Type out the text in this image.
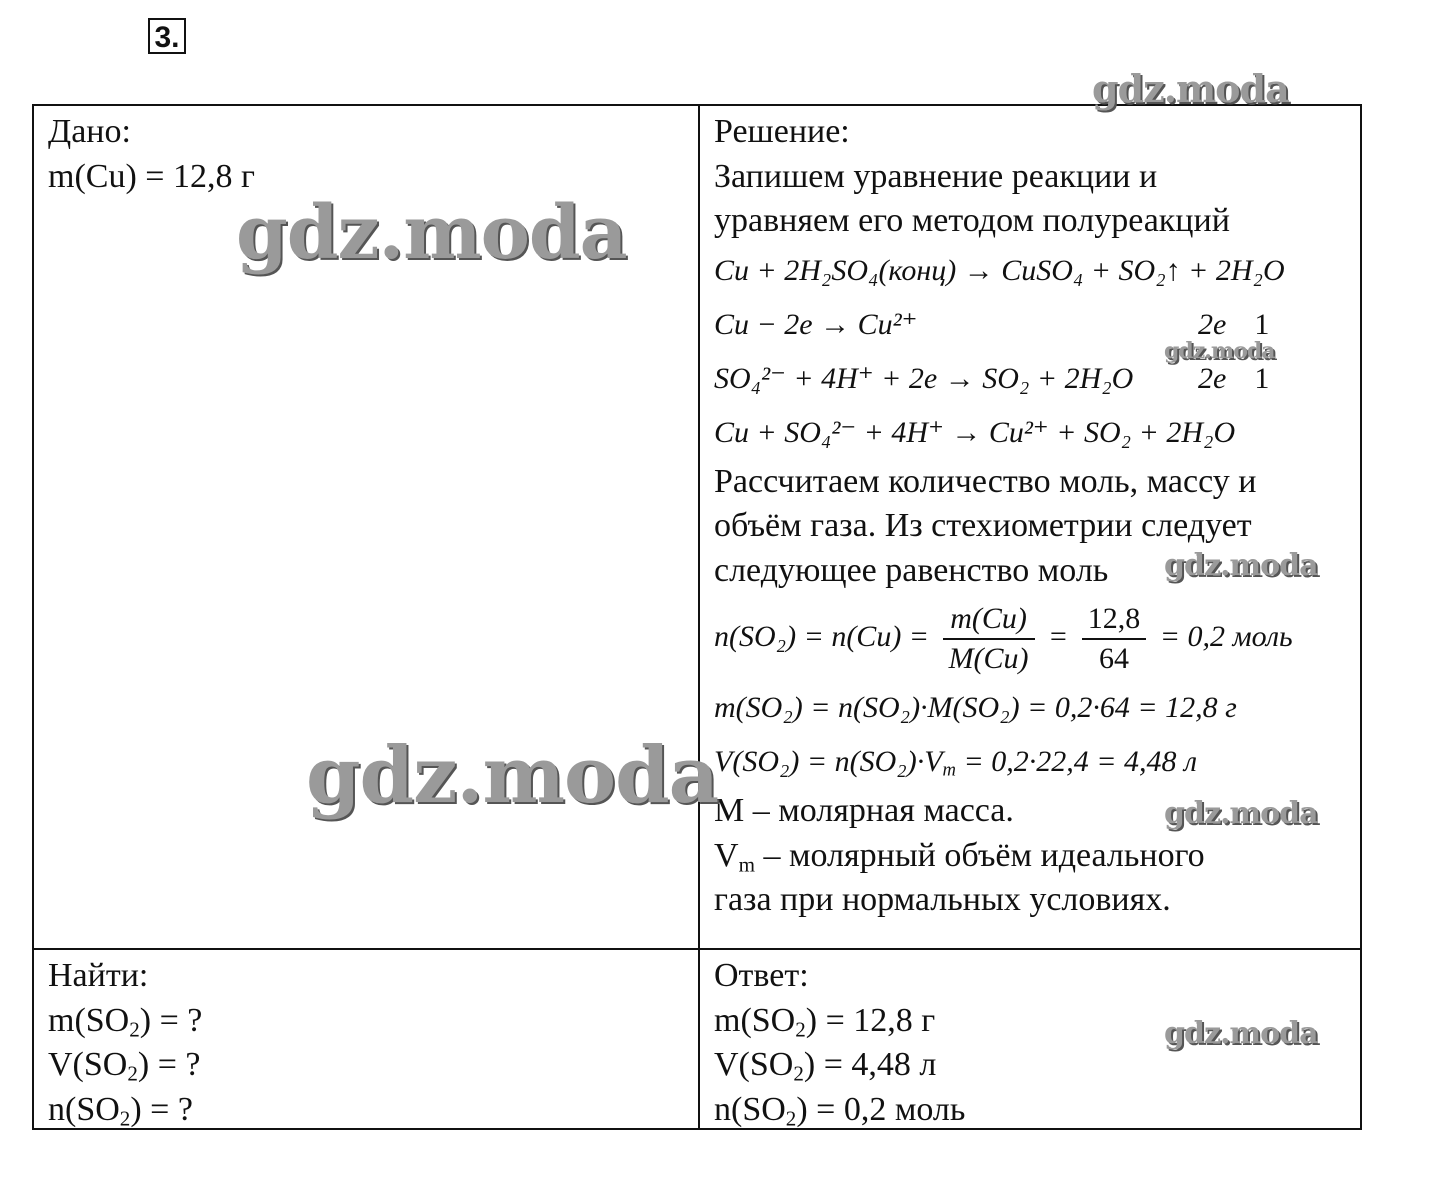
3.
Дано:
m(Cu) = 12,8 г
Найти:
$m(SO_2)$ = ?
$V(SO_2)$ = ?
$n(SO_2)$ = ?
Решение:
Запишем уравнение реакции и
уравняем его методом полуреакций
Cu + 2H₂SO₄(конц) → CuSO₄ + SO₂↑ + 2H₂O
Cu − 2e → Cu²⁺	2e 1
SO₄²⁻ + 4H⁺ + 2e → SO₂ + 2H₂O 2e 1
Cu + SO₄²⁻ + 4H⁺ → Cu²⁺ + SO₂ + 2H₂O
Рассчитаем количество моль, массу и
объём газа. Из стехиометрии следует
следующее равенство моль
$n(SO_2) = n(Cu) = \frac{m(Cu)}{M(Cu)} = \frac{12,8}{64} = 0,2$ моль
m(SO₂) = n(SO₂)·M(SO₂) = 0,2·64 = 12,8 г
$V(SO_2) = n(SO_2)\cdot V_m = 0,2\cdot 22,4 = 4,48$ л
M – молярная масса.
$V_m$ – молярный объём идеального
газа при нормальных условиях.
Ответ:
$m(SO_2) = 12,8$ г
$V(SO_2) = 4,48$ л
$n(SO_2) = 0,2$ моль
gdz.moda
gdz.moda
gdz.moda
gdz.moda
gdz.moda	gdz.moda
gdz.moda
